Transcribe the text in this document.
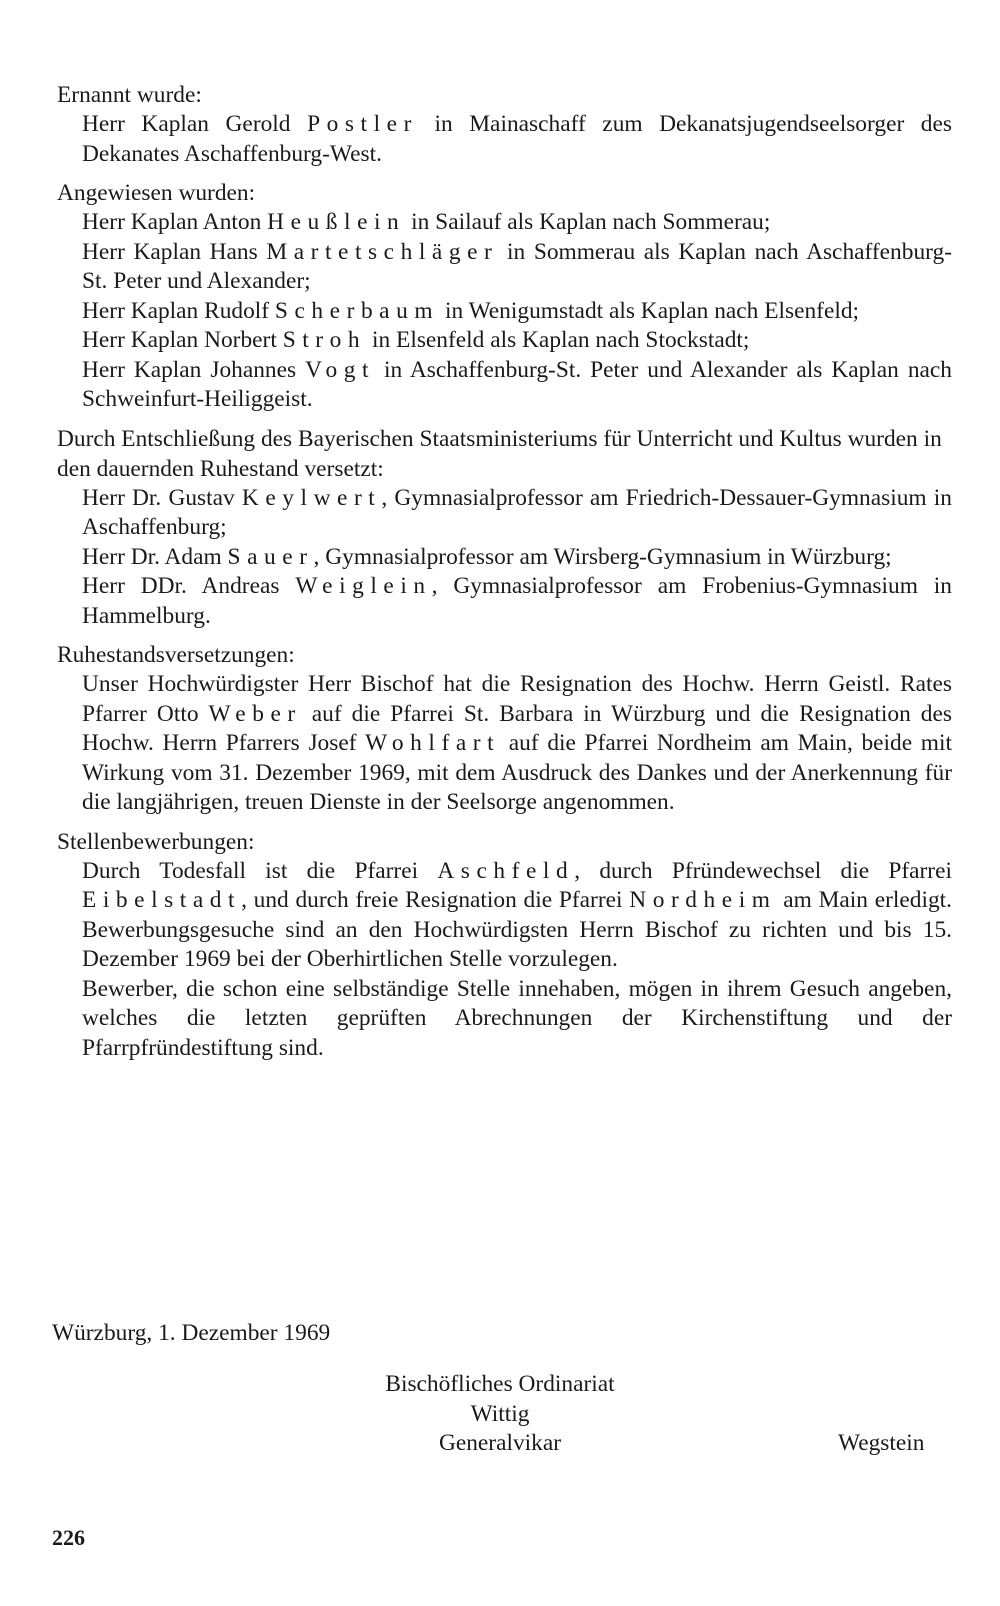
Ernannt wurde:

Herr Kaplan Gerold Postler in Mainaschaff zum Dekanatsjugendseelsorger des Dekanates Aschaffenburg-West.

Angewiesen wurden:

Herr Kaplan Anton Heußlein in Sailauf als Kaplan nach Sommerau;

Herr Kaplan Hans Martetschläger in Sommerau als Kaplan nach Aschaffenburg-St. Peter und Alexander;

Herr Kaplan Rudolf Scherbaum in Wenigumstadt als Kaplan nach Elsenfeld;

Herr Kaplan Norbert Stroh in Elsenfeld als Kaplan nach Stockstadt;

Herr Kaplan Johannes Vogt in Aschaffenburg-St. Peter und Alexander als Kaplan nach Schweinfurt-Heiliggeist.

Durch Entschließung des Bayerischen Staatsministeriums für Unterricht und Kultus wurden in den dauernden Ruhestand versetzt:

Herr Dr. Gustav Keylwert, Gymnasialprofessor am Friedrich-Dessauer-Gymnasium in Aschaffenburg;

Herr Dr. Adam Sauer, Gymnasialprofessor am Wirsberg-Gymnasium in Würzburg;

Herr DDr. Andreas Weiglein, Gymnasialprofessor am Frobenius-Gymnasium in Hammelburg.

Ruhestandsversetzungen:

Unser Hochwürdigster Herr Bischof hat die Resignation des Hochw. Herrn Geistl. Rates Pfarrer Otto Weber auf die Pfarrei St. Barbara in Würzburg und die Resignation des Hochw. Herrn Pfarrers Josef Wohlfart auf die Pfarrei Nordheim am Main, beide mit Wirkung vom 31. Dezember 1969, mit dem Ausdruck des Dankes und der Anerkennung für die langjährigen, treuen Dienste in der Seelsorge angenommen.

Stellenbewerbungen:

Durch Todesfall ist die Pfarrei Aschfeld, durch Pfründewechsel die Pfarrei Eibelstadt, und durch freie Resignation die Pfarrei Nordheim am Main erledigt. Bewerbungsgesuche sind an den Hochwürdigsten Herrn Bischof zu richten und bis 15. Dezember 1969 bei der Oberhirtlichen Stelle vorzulegen.

Bewerber, die schon eine selbständige Stelle innehaben, mögen in ihrem Gesuch angeben, welches die letzten geprüften Abrechnungen der Kirchenstiftung und der Pfarrpfründestiftung sind.

Würzburg, 1. Dezember 1969
Bischöfliches Ordinariat
Wittig
Generalvikar	Wegstein
226
